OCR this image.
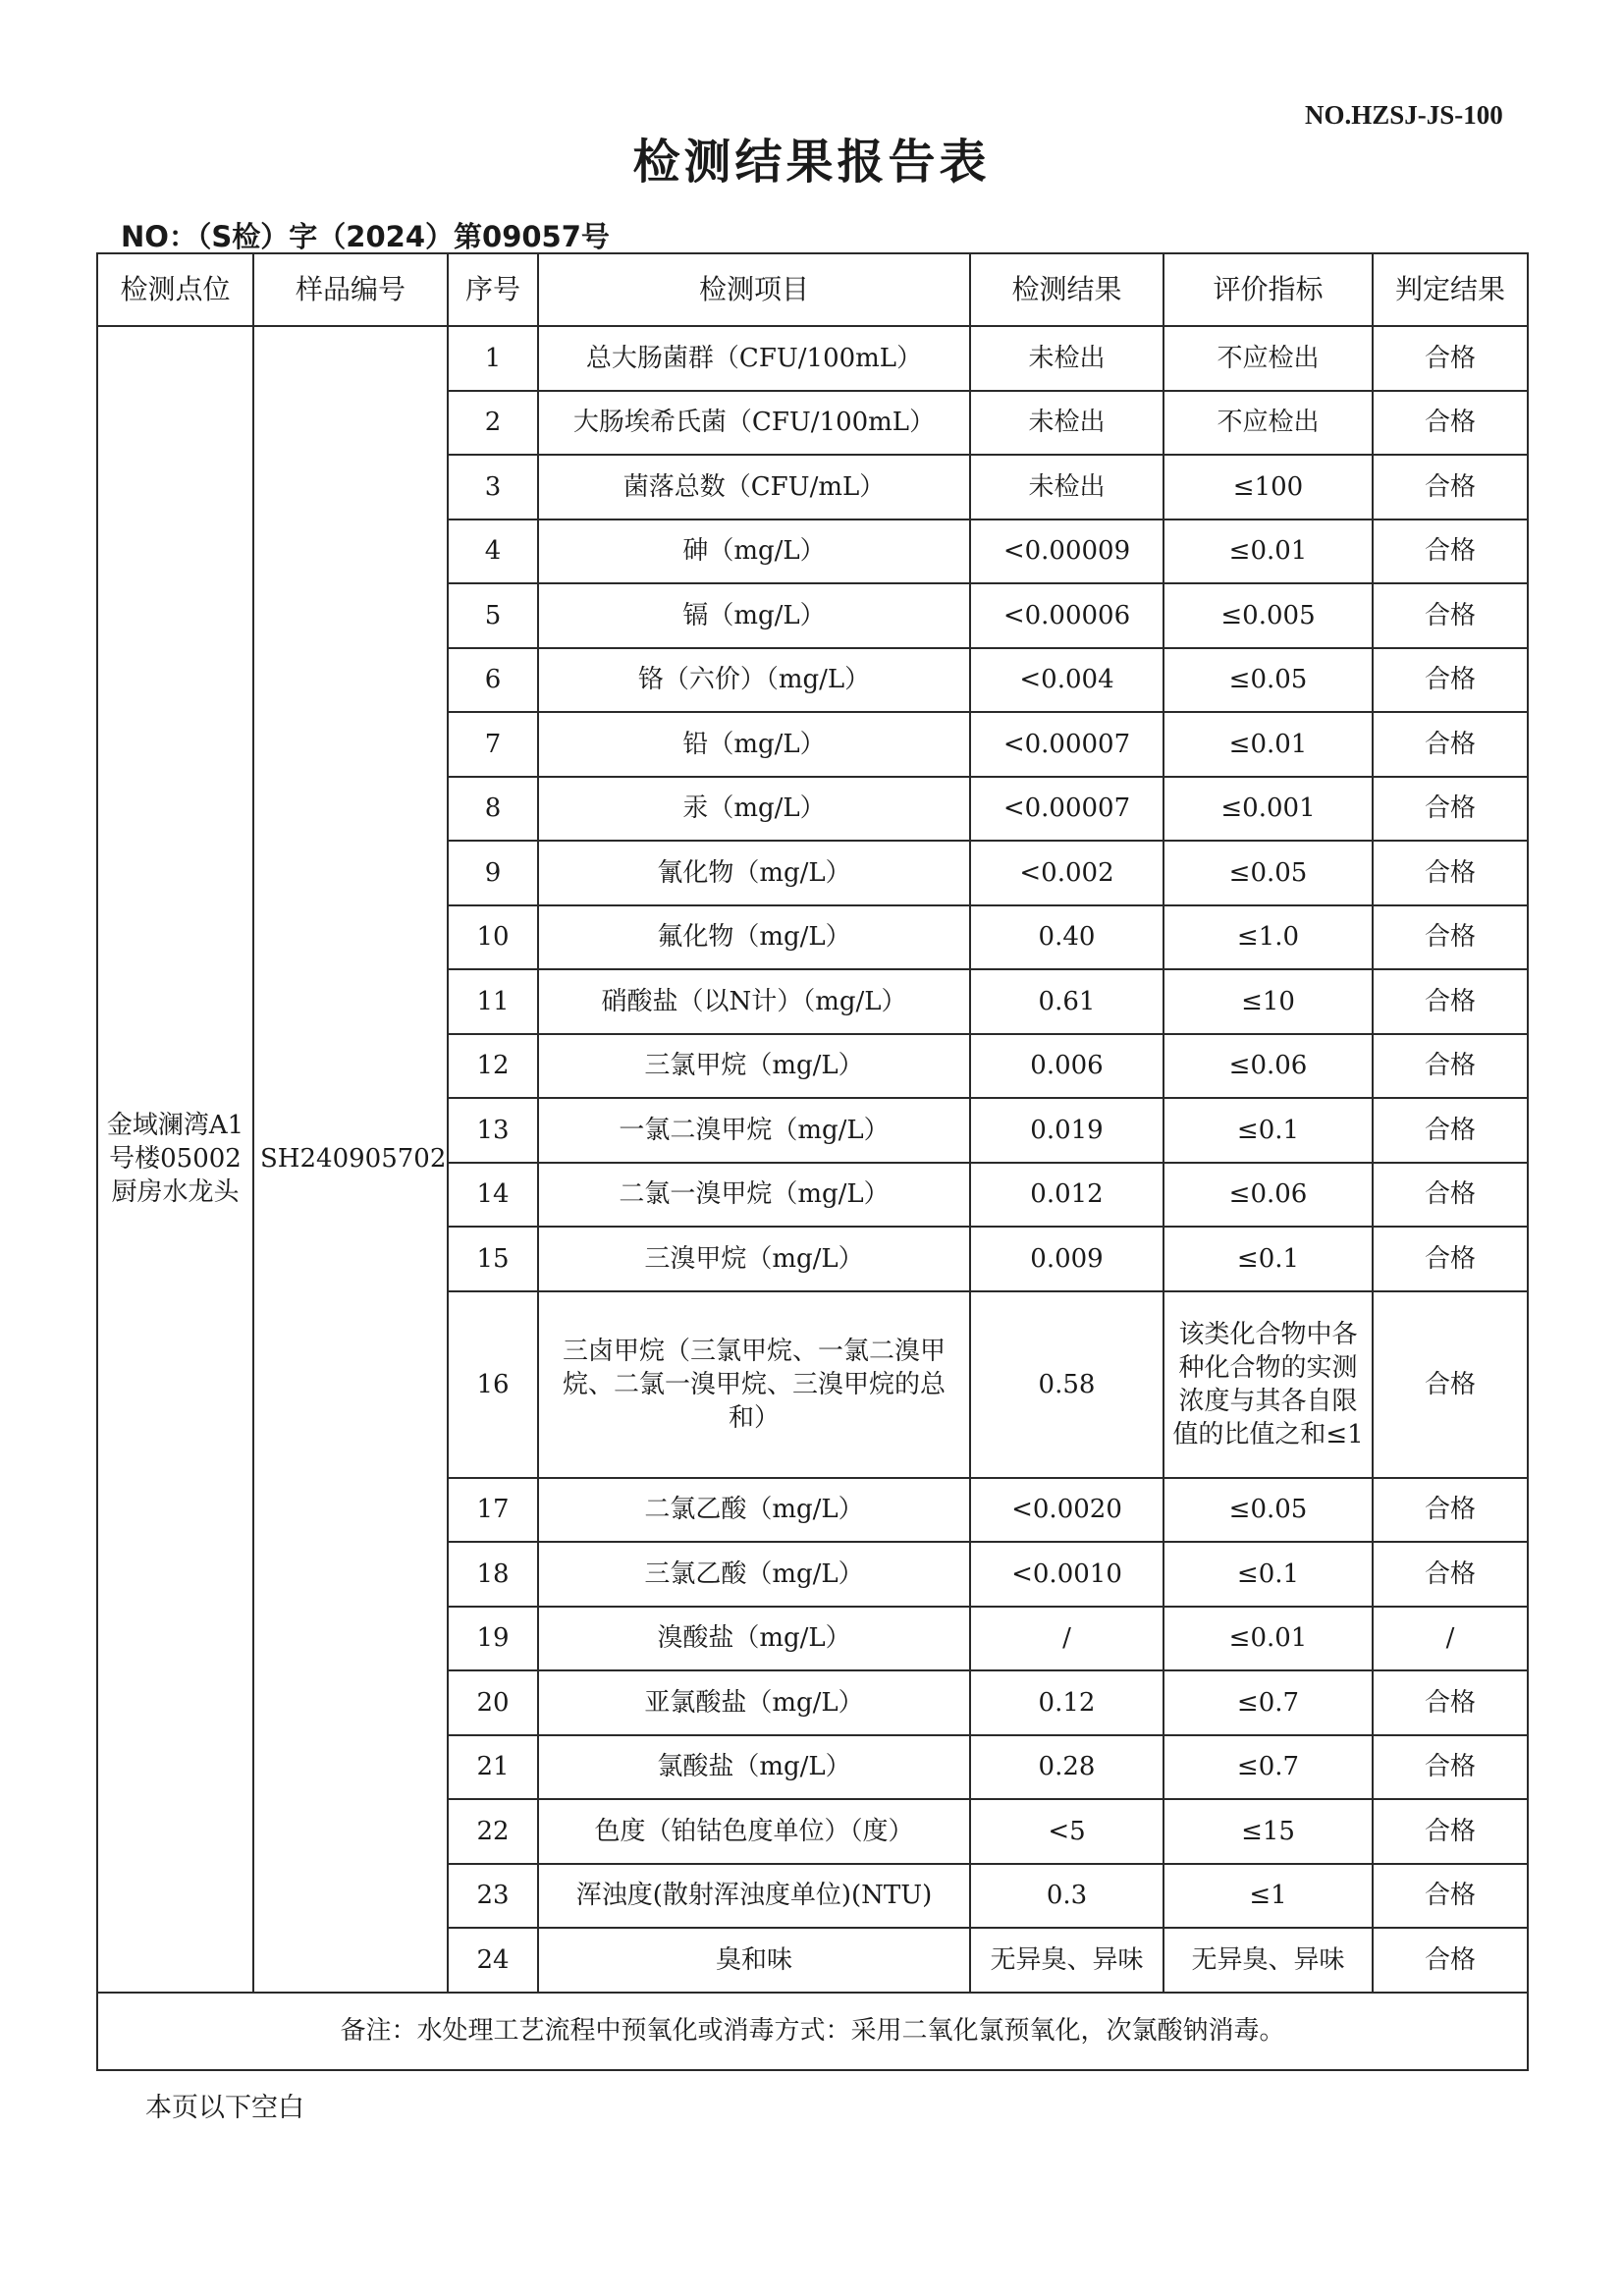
NO.HZSJ-JS-100
检测结果报告表
NO：（S检）字（2024）第09057号
检测点位	样品编号	序号	检测项目	检测结果	评价指标	判定结果
金域澜湾A1号楼05002厨房水龙头	SH240905702	1	总大肠菌群（CFU/100mL）	未检出	不应检出	合格
		2	大肠埃希氏菌（CFU/100mL）	未检出	不应检出	合格
		3	菌落总数（CFU/mL）	未检出	≤100	合格
		4	砷（mg/L）	<0.00009	≤0.01	合格
		5	镉（mg/L）	<0.00006	≤0.005	合格
		6	铬（六价）（mg/L）	<0.004	≤0.05	合格
		7	铅（mg/L）	<0.00007	≤0.01	合格
		8	汞（mg/L）	<0.00007	≤0.001	合格
		9	氰化物（mg/L）	<0.002	≤0.05	合格
		10	氟化物（mg/L）	0.40	≤1.0	合格
		11	硝酸盐（以N计）（mg/L）	0.61	≤10	合格
		12	三氯甲烷（mg/L）	0.006	≤0.06	合格
		13	一氯二溴甲烷（mg/L）	0.019	≤0.1	合格
		14	二氯一溴甲烷（mg/L）	0.012	≤0.06	合格
		15	三溴甲烷（mg/L）	0.009	≤0.1	合格
		16	三卤甲烷（三氯甲烷、一氯二溴甲烷、二氯一溴甲烷、三溴甲烷的总和）	0.58	该类化合物中各种化合物的实测浓度与其各自限值的比值之和≤1	合格
		17	二氯乙酸（mg/L）	<0.0020	≤0.05	合格
		18	三氯乙酸（mg/L）	<0.0010	≤0.1	合格
		19	溴酸盐（mg/L）	/	≤0.01	/
		20	亚氯酸盐（mg/L）	0.12	≤0.7	合格
		21	氯酸盐（mg/L）	0.28	≤0.7	合格
		22	色度（铂钴色度单位）（度）	<5	≤15	合格
		23	浑浊度(散射浑浊度单位)(NTU)	0.3	≤1	合格
		24	臭和味	无异臭、异味	无异臭、异味	合格
备注：水处理工艺流程中预氧化或消毒方式：采用二氧化氯预氧化，次氯酸钠消毒。						
本页以下空白
